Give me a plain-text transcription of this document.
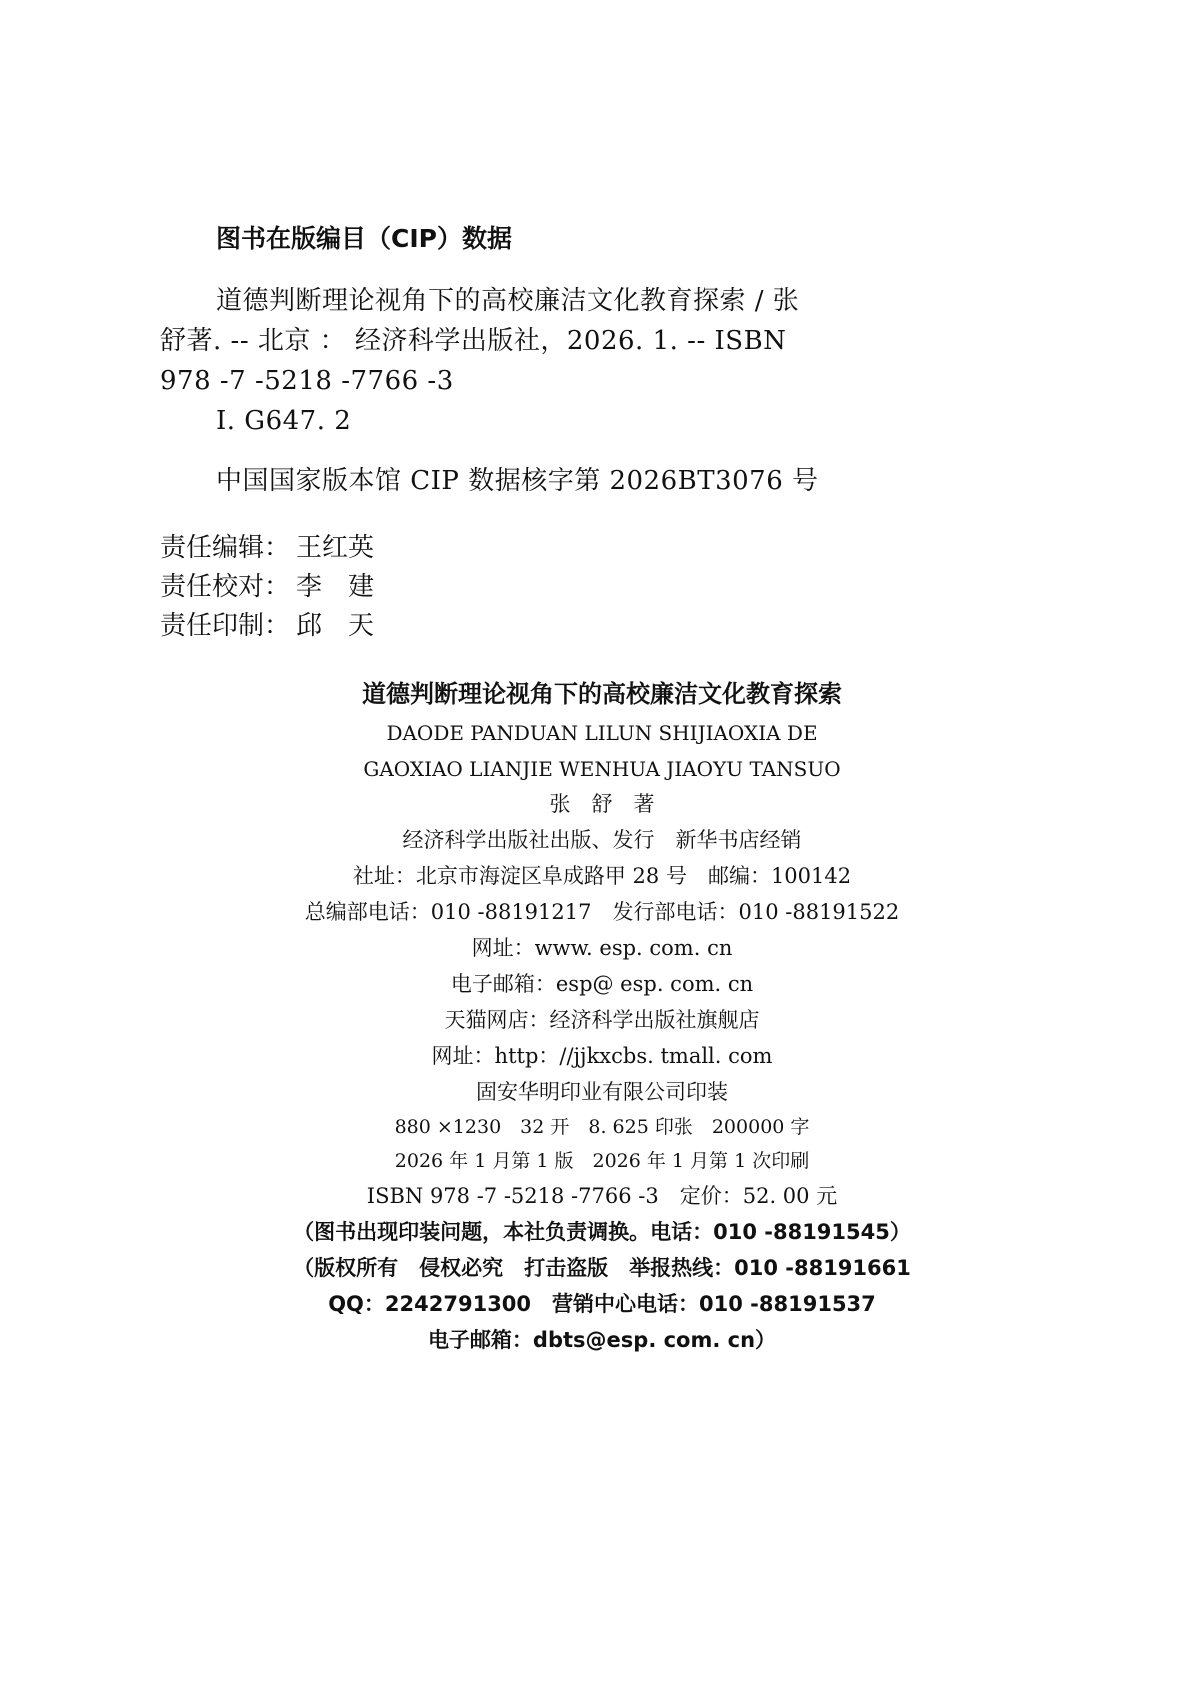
图书在版编目（CIP）数据
道德判断理论视角下的高校廉洁文化教育探索 / 张
舒著. -- 北京 ： 经济科学出版社，2026. 1. -- ISBN
978 -7 -5218 -7766 -3
Ⅰ. G647. 2
中国国家版本馆 CIP 数据核字第 2026BT3076 号
责任编辑： 王红英
责任校对： 李　建
责任印制： 邱　天
道德判断理论视角下的高校廉洁文化教育探索
DAODE PANDUAN LILUN SHIJIAOXIA DE
GAOXIAO LIANJIE WENHUA JIAOYU TANSUO
张　舒　著
经济科学出版社出版、发行　新华书店经销
社址：北京市海淀区阜成路甲 28 号　邮编：100142
总编部电话：010 -88191217　发行部电话：010 -88191522
网址：www. esp. com. cn
电子邮箱：esp@ esp. com. cn
天猫网店：经济科学出版社旗舰店
网址：http：//jjkxcbs. tmall. com
固安华明印业有限公司印装
880 ×1230　32 开　8. 625 印张　200000 字
2026 年 1 月第 1 版　2026 年 1 月第 1 次印刷
ISBN 978 -7 -5218 -7766 -3　定价：52. 00 元
（图书出现印装问题，本社负责调换。电话：010 -88191545）
（版权所有　侵权必究　打击盗版　举报热线：010 -88191661
QQ：2242791300　营销中心电话：010 -88191537
电子邮箱：dbts@esp. com. cn）
